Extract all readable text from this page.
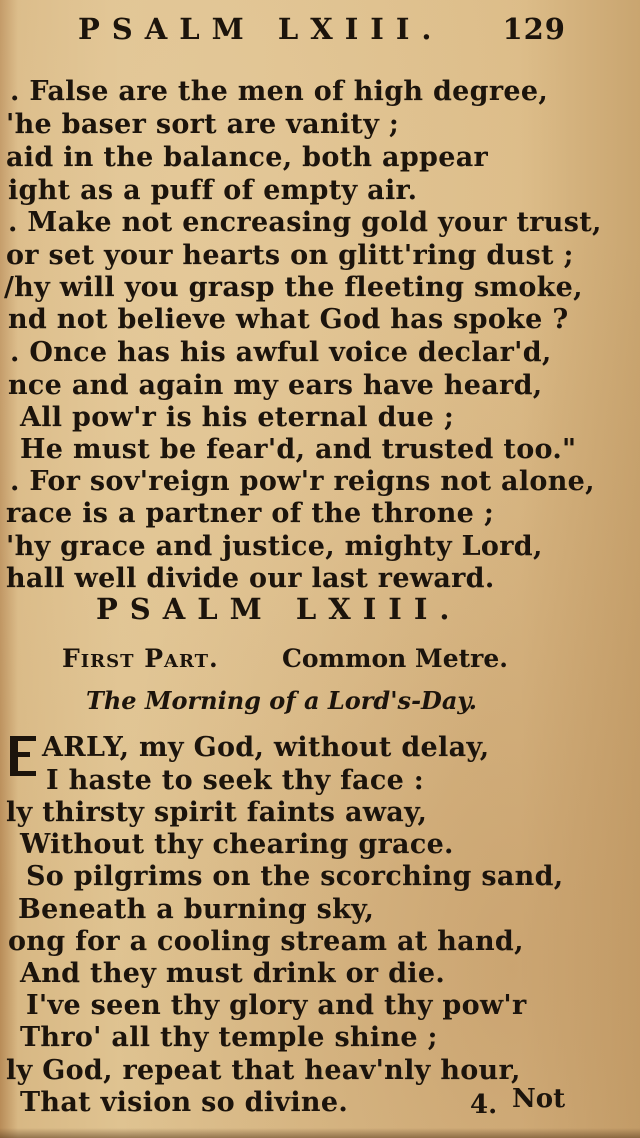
PSALM LXIII. 129
. False are the men of high degree,
'he baser sort are vanity ;
aid in the balance, both appear
ight as a puff of empty air.
. Make not encreasing gold your trust,
or set your hearts on glitt'ring dust ;
/hy will you grasp the fleeting smoke,
nd not believe what God has spoke ?
. Once has his awful voice declar'd,
nce and again my ears have heard,
All pow'r is his eternal due ;
He must be fear'd, and trusted too."
. For sov'reign pow'r reigns not alone,
race is a partner of the throne ;
'hy grace and justice, mighty Lord,
hall well divide our last reward.
PSALM LXIII.
First Part.	Common Metre.
The Morning of a Lord's-Day.
ARLY, my God, without delay,
I haste to seek thy face :
ly thirsty spirit faints away,
Without thy chearing grace.
So pilgrims on the scorching sand,
Beneath a burning sky,
ong for a cooling stream at hand,
And they must drink or die.
I've seen thy glory and thy pow'r
Thro' all thy temple shine ;
ly God, repeat that heav'nly hour,
That vision so divine.	4. Not
